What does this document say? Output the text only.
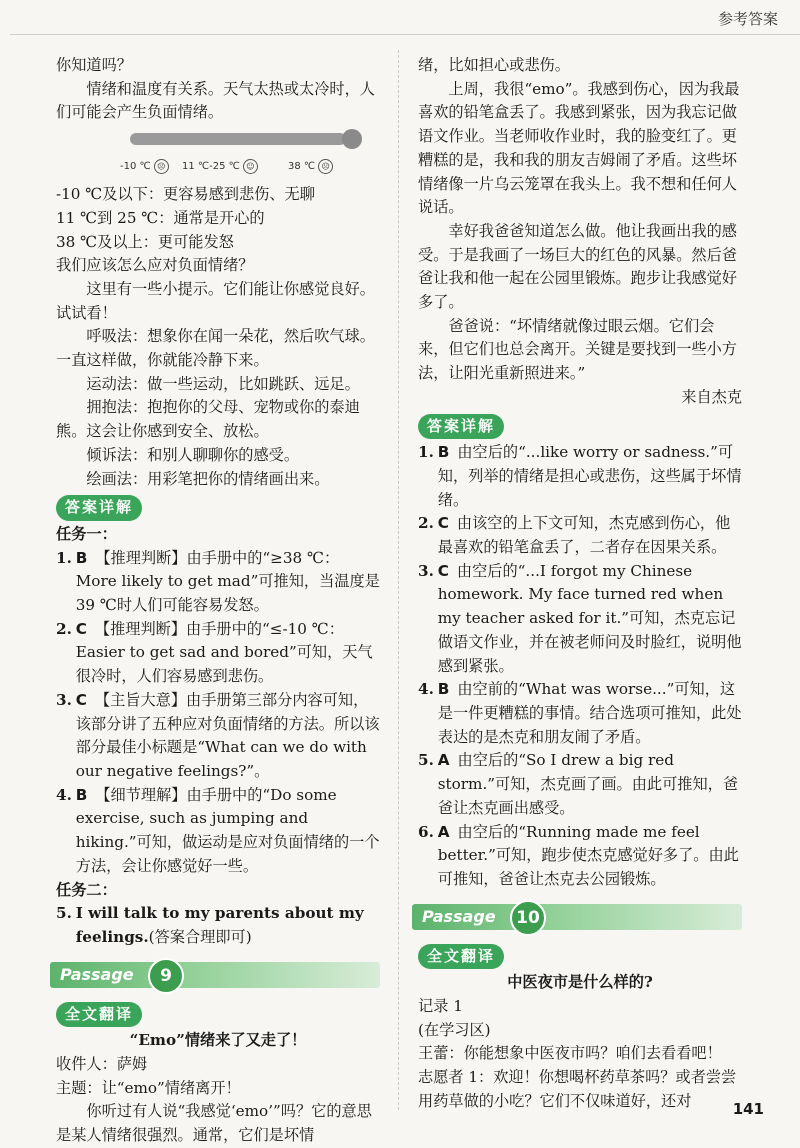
参考答案

你知道吗？

情绪和温度有关系。天气太热或太冷时，人们可能会产生负面情绪。

-10 ℃ ☹	11 ℃-25 ℃ ☺	38 ℃ ☹

-10 ℃及以下：更容易感到悲伤、无聊

11 ℃到 25 ℃：通常是开心的

38 ℃及以上：更可能发怒

我们应该怎么应对负面情绪？

这里有一些小提示。它们能让你感觉良好。试试看！

呼吸法：想象你在闻一朵花，然后吹气球。一直这样做，你就能冷静下来。

运动法：做一些运动，比如跳跃、远足。

拥抱法：抱抱你的父母、宠物或你的泰迪熊。这会让你感到安全、放松。

倾诉法：和别人聊聊你的感受。

绘画法：用彩笔把你的情绪画出来。

答案详解

任务一：

1. B 【推理判断】由手册中的“≥38 ℃：More likely to get mad”可推知，当温度是 39 ℃时人们可能容易发怒。

2. C 【推理判断】由手册中的“≤-10 ℃：Easier to get sad and bored”可知，天气很冷时，人们容易感到悲伤。

3. C 【主旨大意】由手册第三部分内容可知，该部分讲了五种应对负面情绪的方法。所以该部分最佳小标题是“What can we do with our negative feelings?”。

4. B 【细节理解】由手册中的“Do some exercise, such as jumping and hiking.”可知，做运动是应对负面情绪的一个方法，会让你感觉好一些。

任务二：

5. I will talk to my parents about my feelings.(答案合理即可)

Passage	9
全文翻译

“Emo”情绪来了又走了！

收件人：萨姆

主题：让“emo”情绪离开！

你听过有人说“我感觉‘emo’”吗？它的意思是某人情绪很强烈。通常，它们是坏情

绪，比如担心或悲伤。

上周，我很“emo”。我感到伤心，因为我最喜欢的铅笔盒丢了。我感到紧张，因为我忘记做语文作业。当老师收作业时，我的脸变红了。更糟糕的是，我和我的朋友吉姆闹了矛盾。这些坏情绪像一片乌云笼罩在我头上。我不想和任何人说话。

幸好我爸爸知道怎么做。他让我画出我的感受。于是我画了一场巨大的红色的风暴。然后爸爸让我和他一起在公园里锻炼。跑步让我感觉好多了。

爸爸说：“坏情绪就像过眼云烟。它们会来，但它们也总会离开。关键是要找到一些小方法，让阳光重新照进来。”

来自杰克

答案详解

1. B 由空后的“...like worry or sadness.”可知，列举的情绪是担心或悲伤，这些属于坏情绪。

2. C 由该空的上下文可知，杰克感到伤心，他最喜欢的铅笔盒丢了，二者存在因果关系。

3. C 由空后的“...I forgot my Chinese homework. My face turned red when my teacher asked for it.”可知，杰克忘记做语文作业，并在被老师问及时脸红，说明他感到紧张。

4. B 由空前的“What was worse...”可知，这是一件更糟糕的事情。结合选项可推知，此处表达的是杰克和朋友闹了矛盾。

5. A 由空后的“So I drew a big red storm.”可知，杰克画了画。由此可推知，爸爸让杰克画出感受。

6. A 由空后的“Running made me feel better.”可知，跑步使杰克感觉好多了。由此可推知，爸爸让杰克去公园锻炼。

Passage	10
全文翻译

中医夜市是什么样的?

记录 1

(在学习区)

王蕾：你能想象中医夜市吗？咱们去看看吧！

志愿者 1：欢迎！你想喝杯药草茶吗？或者尝尝用药草做的小吃？它们不仅味道好，还对	141
